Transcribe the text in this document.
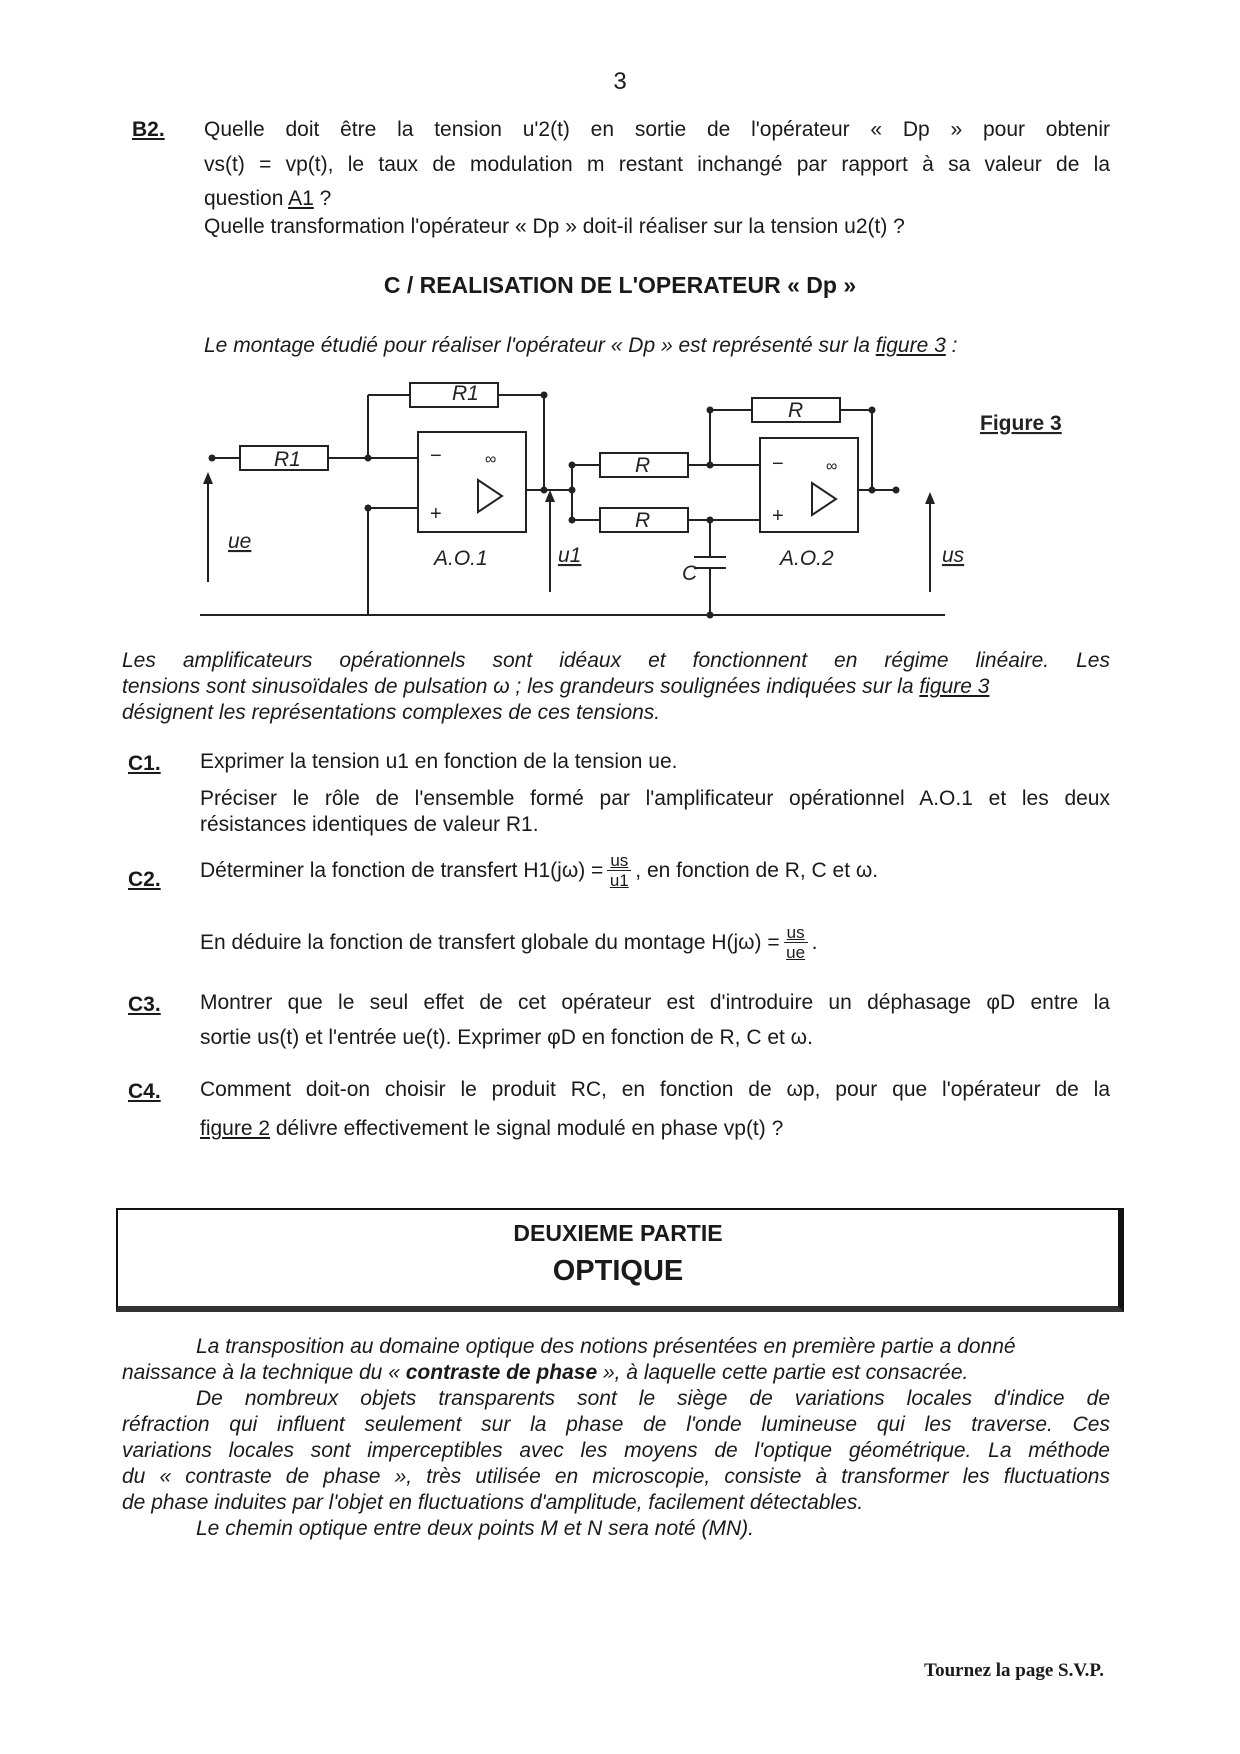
3
B2. Quelle doit être la tension u'2(t) en sortie de l'opérateur « Dp » pour obtenir
vs(t) = vp(t), le taux de modulation m restant inchangé par rapport à sa valeur de la
question A1 ?
Quelle transformation l'opérateur « Dp » doit-il réaliser sur la tension u2(t) ?
C / REALISATION DE L'OPERATEUR « Dp »
Le montage étudié pour réaliser l'opérateur « Dp » est représenté sur la figure 3 :
R1
R1	R
R
R
C
ue
u1	us
A.O.1	A.O.2
−
+
∞	−
+
∞
Figure 3
Les amplificateurs opérationnels sont idéaux et fonctionnent en régime linéaire. Les
tensions sont sinusoïdales de pulsation ω ; les grandeurs soulignées indiquées sur la figure 3
désignent les représentations complexes de ces tensions.
C1. Exprimer la tension u1 en fonction de la tension ue.
Préciser le rôle de l'ensemble formé par l'amplificateur opérationnel A.O.1 et les deux
résistances identiques de valeur R1.
C2. Déterminer la fonction de transfert $H1(j\omega) = \frac{us}{u1}$ , en fonction de R, C et ω.
En déduire la fonction de transfert globale du montage $H(j\omega) = \frac{us}{ue}$ .
C3. Montrer que le seul effet de cet opérateur est d'introduire un déphasage φD entre la
sortie us(t) et l'entrée ue(t). Exprimer φD en fonction de R, C et ω.
C4. Comment doit-on choisir le produit RC, en fonction de ωp, pour que l'opérateur de la
figure 2 délivre effectivement le signal modulé en phase vp(t) ?
DEUXIEME PARTIE
OPTIQUE
La transposition au domaine optique des notions présentées en première partie a donné
naissance à la technique du « contraste de phase », à laquelle cette partie est consacrée.
De nombreux objets transparents sont le siège de variations locales d'indice de
réfraction qui influent seulement sur la phase de l'onde lumineuse qui les traverse. Ces
variations locales sont imperceptibles avec les moyens de l'optique géométrique. La méthode
du « contraste de phase », très utilisée en microscopie, consiste à transformer les fluctuations
de phase induites par l'objet en fluctuations d'amplitude, facilement détectables.
Le chemin optique entre deux points M et N sera noté (MN).
Tournez la page S.V.P.
